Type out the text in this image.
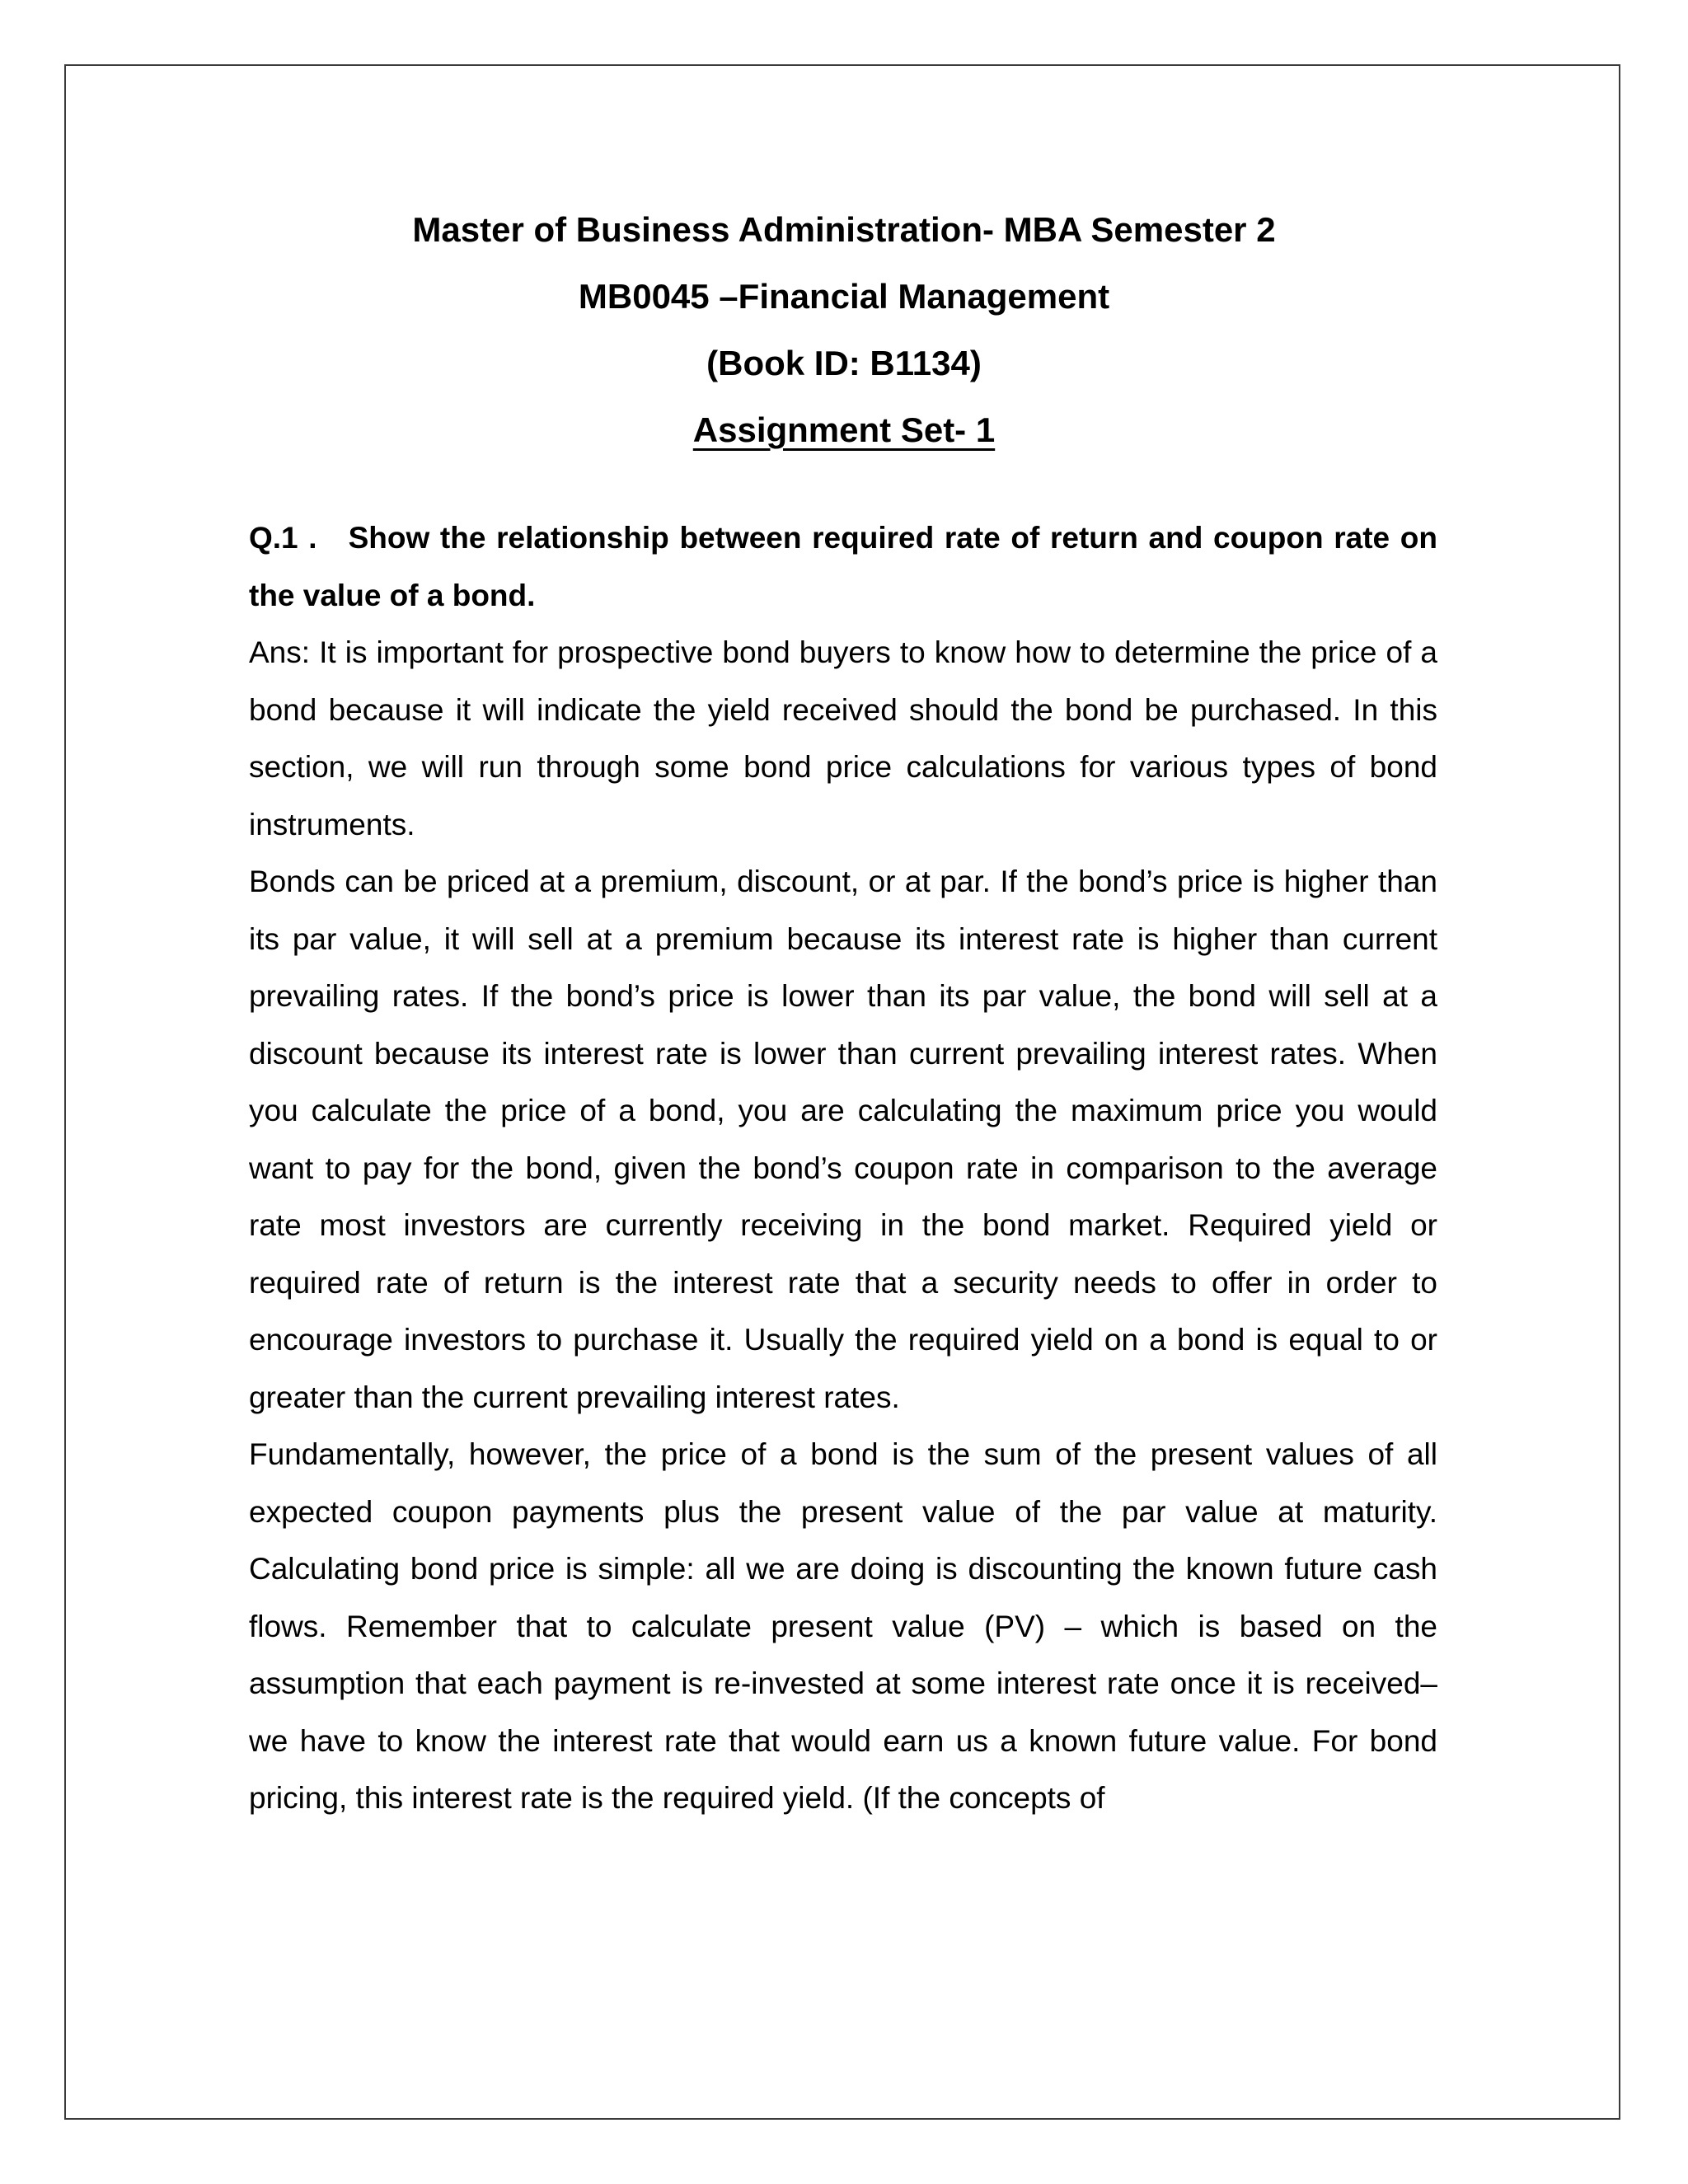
Master of Business Administration- MBA Semester 2

MB0045 –Financial Management

(Book ID: B1134)

Assignment Set- 1

Q.1 . Show the relationship between required rate of return and coupon rate on the value of a bond.

Ans: It is important for prospective bond buyers to know how to determine the price of a bond because it will indicate the yield received should the bond be purchased. In this section, we will run through some bond price calculations for various types of bond instruments.

Bonds can be priced at a premium, discount, or at par. If the bond’s price is higher than its par value, it will sell at a premium because its interest rate is higher than current prevailing rates. If the bond’s price is lower than its par value, the bond will sell at a discount because its interest rate is lower than current prevailing interest rates. When you calculate the price of a bond, you are calculating the maximum price you would want to pay for the bond, given the bond’s coupon rate in comparison to the average rate most investors are currently receiving in the bond market. Required yield or required rate of return is the interest rate that a security needs to offer in order to encourage investors to purchase it. Usually the required yield on a bond is equal to or greater than the current prevailing interest rates.

Fundamentally, however, the price of a bond is the sum of the present values of all expected coupon payments plus the present value of the par value at maturity. Calculating bond price is simple: all we are doing is discounting the known future cash flows. Remember that to calculate present value (PV) – which is based on the assumption that each payment is re-invested at some interest rate once it is received–we have to know the interest rate that would earn us a known future value. For bond pricing, this interest rate is the required yield. (If the concepts of
